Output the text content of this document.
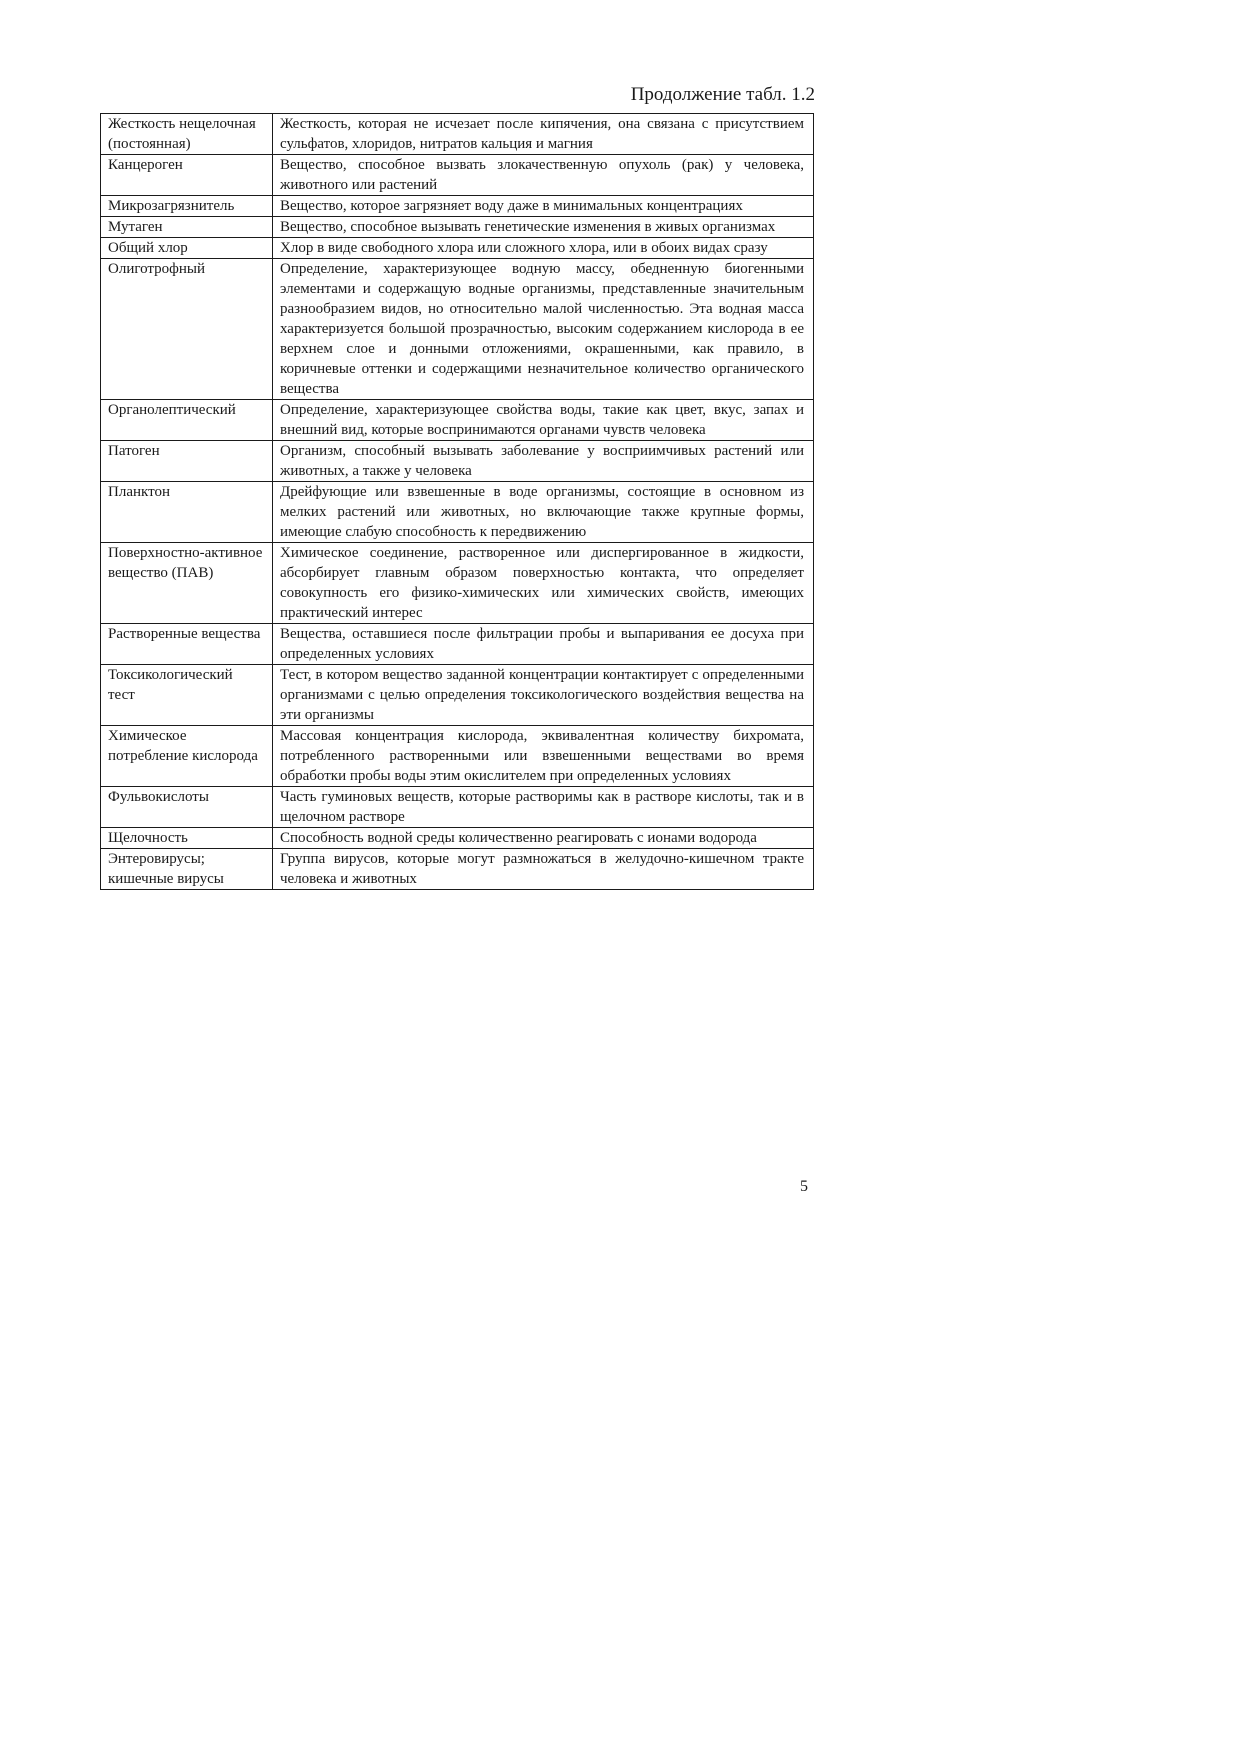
Продолжение табл. 1.2
Жесткость нещелочная (постоянная)	Жесткость, которая не исчезает после кипячения, она связана с присутствием сульфатов, хлоридов, нитратов кальция и магния
Канцероген	Вещество, способное вызвать злокачественную опухоль (рак) у человека, животного или растений
Микрозагрязнитель	Вещество, которое загрязняет воду даже в минимальных концентрациях
Мутаген	Вещество, способное вызывать генетические изменения в живых организмах
Общий хлор	Хлор в виде свободного хлора или сложного хлора, или в обоих видах сразу
Олиготрофный	Определение, характеризующее водную массу, обедненную биогенными элементами и содержащую водные организмы, представленные значительным разнообразием видов, но относительно малой численностью. Эта водная масса характеризуется большой прозрачностью, высоким содержанием кислорода в ее верхнем слое и донными отложениями, окрашенными, как правило, в коричневые оттенки и содержащими незначительное количество органического вещества
Органолептический	Определение, характеризующее свойства воды, такие как цвет, вкус, запах и внешний вид, которые воспринимаются органами чувств человека
Патоген	Организм, способный вызывать заболевание у восприимчивых растений или животных, а также у человека
Планктон	Дрейфующие или взвешенные в воде организмы, состоящие в основном из мелких растений или животных, но включающие также крупные формы, имеющие слабую способность к передвижению
Поверхностно-активное вещество (ПАВ)	Химическое соединение, растворенное или диспергированное в жидкости, абсорбирует главным образом поверхностью контакта, что определяет совокупность его физико-химических или химических свойств, имеющих практический интерес
Растворенные вещества	Вещества, оставшиеся после фильтрации пробы и выпаривания ее досуха при определенных условиях
Токсикологический тест	Тест, в котором вещество заданной концентрации контактирует с определенными организмами с целью определения токсикологического воздействия вещества на эти организмы
Химическое потребление кислорода	Массовая концентрация кислорода, эквивалентная количеству бихромата, потребленного растворенными или взвешенными веществами во время обработки пробы воды этим окислителем при определенных условиях
Фульвокислоты	Часть гуминовых веществ, которые растворимы как в растворе кислоты, так и в щелочном растворе
Щелочность	Способность водной среды количественно реагировать с ионами водорода
Энтеровирусы; кишечные вирусы	Группа вирусов, которые могут размножаться в желудочно-кишечном тракте человека и животных
5
